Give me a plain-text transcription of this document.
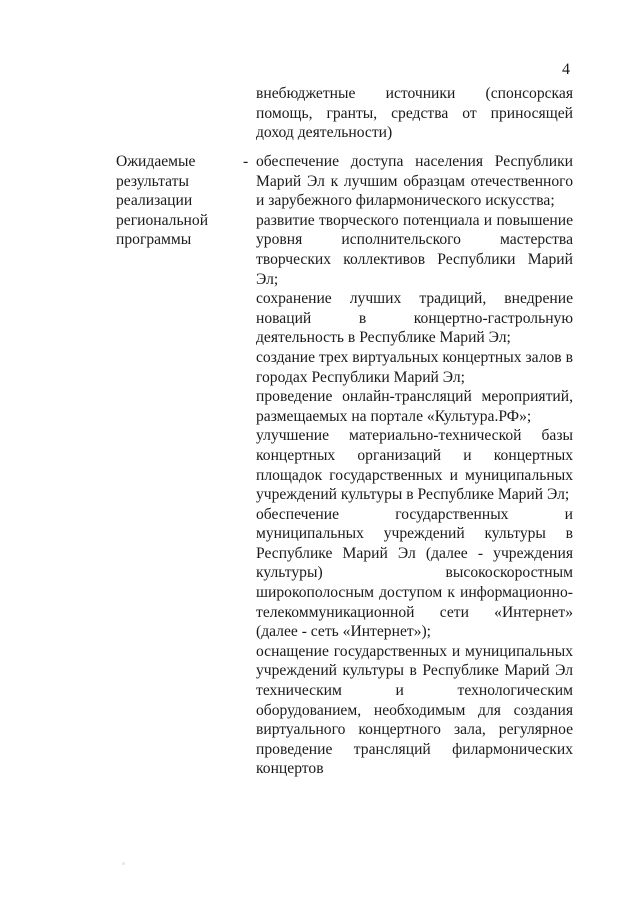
4
внебюджетные источники (спонсорская помощь, гранты, средства от приносящей доход деятельности)
Ожидаемые
результаты
реализации
региональной
программы
- обеспечение доступа населения Республики Марий Эл к лучшим образцам отечественного и зарубежного филармонического искусства;
развитие творческого потенциала и повышение уровня исполнительского мастерства творческих коллективов Республики Марий Эл;
сохранение лучших традиций, внедрение новаций в концертно-гастрольную деятельность в Республике Марий Эл;
создание трех виртуальных концертных залов в городах Республики Марий Эл;
проведение онлайн-трансляций мероприятий, размещаемых на портале «Культура.РФ»;
улучшение материально-технической базы концертных организаций и концертных площадок государственных и муниципальных учреждений культуры в Республике Марий Эл;
обеспечение государственных и муниципальных учреждений культуры в Республике Марий Эл (далее - учреждения культуры) высокоскоростным широкополосным доступом к информационно-телекоммуникационной сети «Интернет» (далее - сеть «Интернет»);
оснащение государственных и муниципальных учреждений культуры в Республике Марий Эл техническим и технологическим оборудованием, необходимым для создания виртуального концертного зала, регулярное проведение трансляций филармонических концертов
